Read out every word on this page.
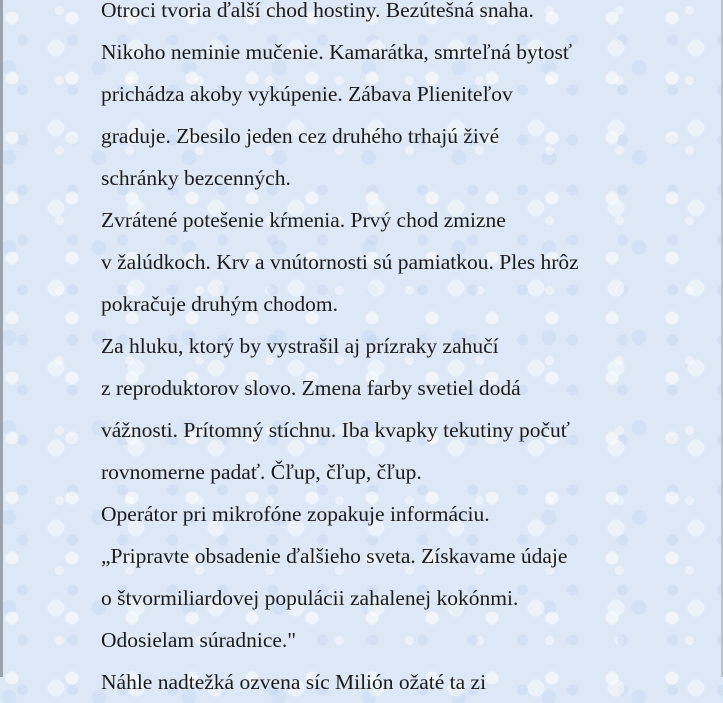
Otroci tvoria ďalší chod hostiny. Bezútešná snaha.
Nikoho neminie mučenie. Kamarátka, smrteľná bytosť
prichádza akoby vykúpenie. Zábava Plieniteľov
graduje. Zbesilo jeden cez druhého trhajú živé
schránky bezcenných.
Zvrátené potešenie kŕmenia. Prvý chod zmizne
v žalúdkoch. Krv a vnútornosti sú pamiatkou. Ples hrôz
pokračuje druhým chodom.
Za hluku, ktorý by vystrašil aj prízraky zahučí
z reproduktorov slovo. Zmena farby svetiel dodá
vážnosti. Prítomný stíchnu. Iba kvapky tekutiny počuť
rovnomerne padať. Čľup, čľup, čľup.
Operátor pri mikrofóne zopakuje informáciu.
„Pripravte obsadenie ďalšieho sveta. Získavame údaje
o štvormiliardovej populácii zahalenej kokónmi.
Odosielam súradnice."
Náhle nadtežká ozvena síc Milión ožaté ta zi
